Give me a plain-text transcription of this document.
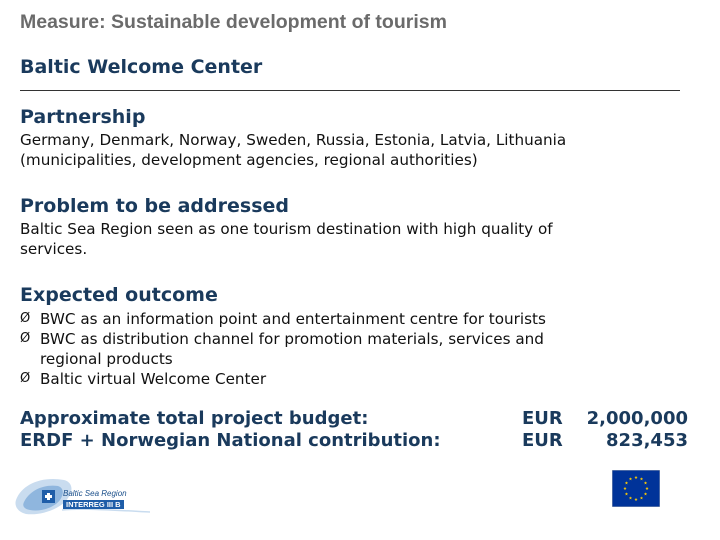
Measure: Sustainable development of tourism
Baltic Welcome Center
Partnership
Germany, Denmark, Norway, Sweden, Russia, Estonia, Latvia, Lithuania
(municipalities, development agencies, regional authorities)
Problem to be addressed
Baltic Sea Region seen as one tourism destination with high quality of
services.
Expected outcome
Ø BWC as an information point and entertainment centre for tourists
Ø BWC as distribution channel for promotion materials, services and
regional products
Ø Baltic virtual Welcome Center
Approximate total project budget:
ERDF + Norwegian National contribution:
EUR 2,000,000
EUR 823,453
Baltic Sea Region
INTERREG III B
